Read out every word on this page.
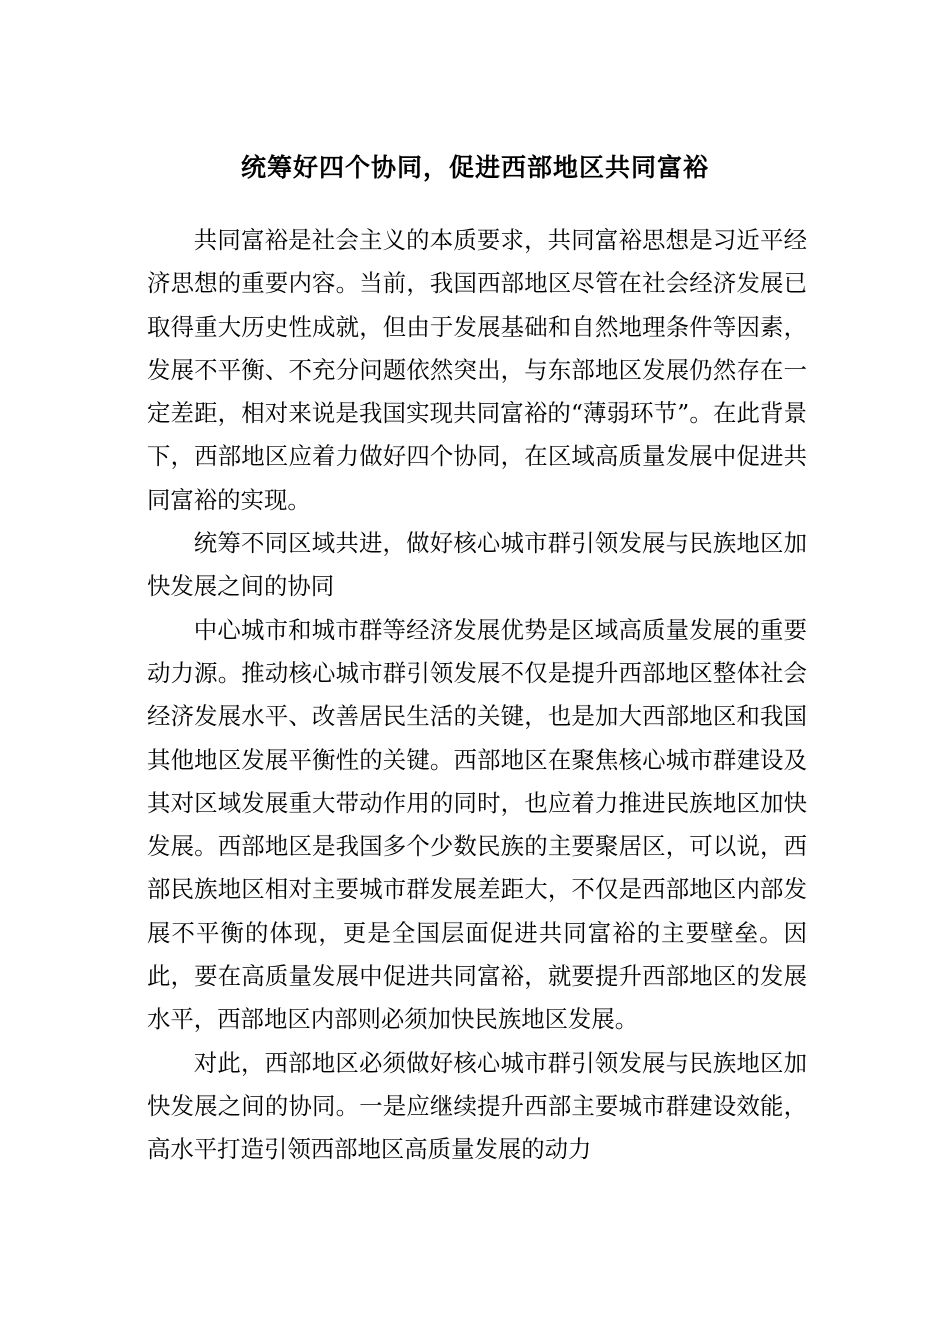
统筹好四个协同，促进西部地区共同富裕

共同富裕是社会主义的本质要求，共同富裕思想是习近平经济思想的重要内容。当前，我国西部地区尽管在社会经济发展已取得重大历史性成就，但由于发展基础和自然地理条件等因素，发展不平衡、不充分问题依然突出，与东部地区发展仍然存在一定差距，相对来说是我国实现共同富裕的“薄弱环节”。在此背景下，西部地区应着力做好四个协同，在区域高质量发展中促进共同富裕的实现。

统筹不同区域共进，做好核心城市群引领发展与民族地区加快发展之间的协同

中心城市和城市群等经济发展优势是区域高质量发展的重要动力源。推动核心城市群引领发展不仅是提升西部地区整体社会经济发展水平、改善居民生活的关键，也是加大西部地区和我国其他地区发展平衡性的关键。西部地区在聚焦核心城市群建设及其对区域发展重大带动作用的同时，也应着力推进民族地区加快发展。西部地区是我国多个少数民族的主要聚居区，可以说，西部民族地区相对主要城市群发展差距大，不仅是西部地区内部发展不平衡的体现，更是全国层面促进共同富裕的主要壁垒。因此，要在高质量发展中促进共同富裕，就要提升西部地区的发展水平，西部地区内部则必须加快民族地区发展。

对此，西部地区必须做好核心城市群引领发展与民族地区加快发展之间的协同。一是应继续提升西部主要城市群建设效能，高水平打造引领西部地区高质量发展的动力
